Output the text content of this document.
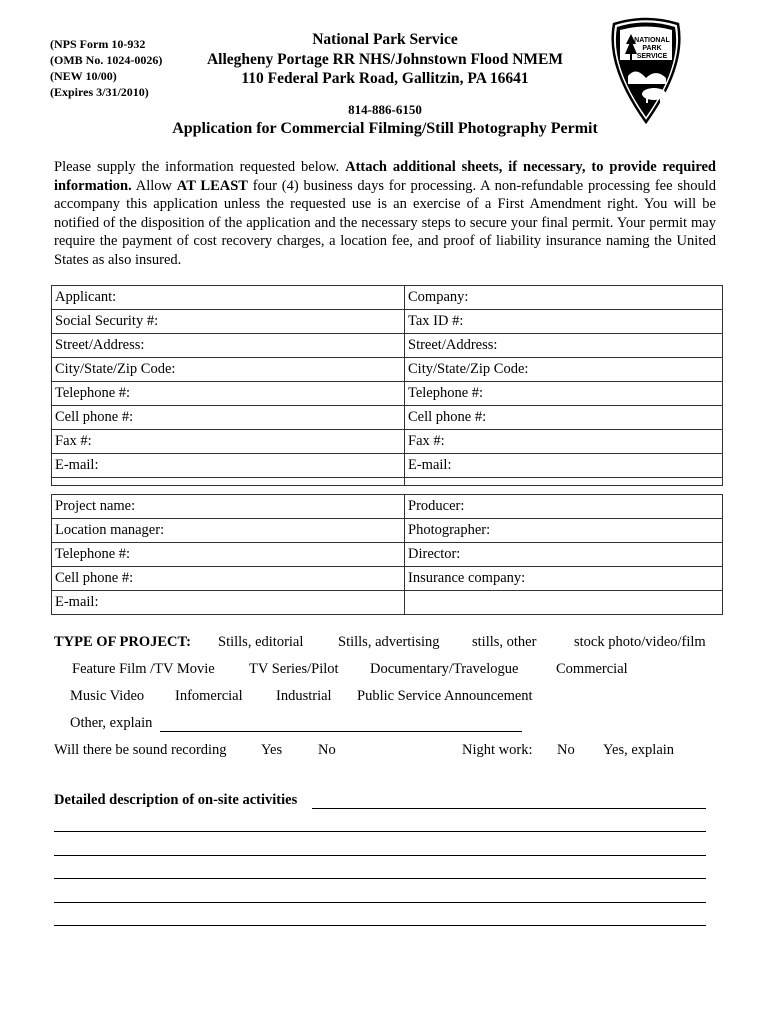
(NPS Form 10-932
(OMB No. 1024-0026)
(NEW 10/00)
(Expires 3/31/2010)
National Park Service
Allegheny Portage RR NHS/Johnstown Flood NMEM
110 Federal Park Road, Gallitzin, PA 16641
NATIONAL
PARK
SERVICE
814-886-6150
Application for Commercial Filming/Still Photography Permit
Please supply the information requested below. Attach additional sheets, if necessary, to provide required information. Allow AT LEAST four (4) business days for processing. A non-refundable processing fee should accompany this application unless the requested use is an exercise of a First Amendment right. You will be notified of the disposition of the application and the necessary steps to secure your final permit. Your permit may require the payment of cost recovery charges, a location fee, and proof of liability insurance naming the United States as also insured.
Applicant:	Company:
Social Security #:	Tax ID #:
Street/Address:	Street/Address:
City/State/Zip Code:	City/State/Zip Code:
Telephone #:	Telephone #:
Cell phone #:	Cell phone #:
Fax #:	Fax #:
E-mail:	E-mail:

Project name:	Producer:
Location manager:	Photographer:
Telephone #:	Director:
Cell phone #:	Insurance company:
E-mail:	
TYPE OF PROJECT: Stills, editorial Stills, advertising stills, other	stock photo/video/film
Feature Film /TV Movie TV Series/Pilot Documentary/Travelogue	Commercial
Music Video Infomercial Industrial Public Service Announcement
Other, explain
Will there be sound recording Yes No	Night work: No Yes, explain
Detailed description of on-site activities
